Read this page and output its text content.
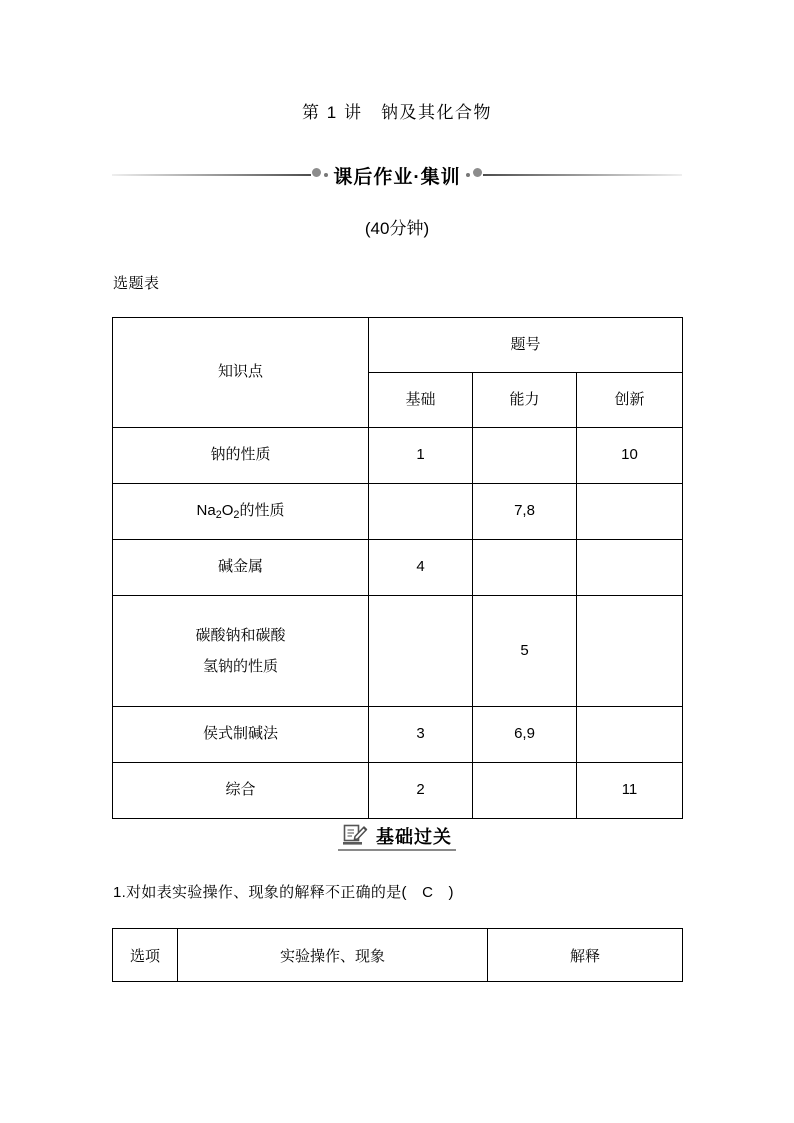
第 1 讲　钠及其化合物
课后作业·集训
(40分钟)
选题表
知识点	题号		
	基础	能力	创新
钠的性质	1		10
$Na_2O_2$的性质		7,8	
碱金属	4		

碳酸钠和碳酸
氢钠的性质		5	
侯式制碱法	3	6,9	
综合	2		11
基础过关
1.对如表实验操作、现象的解释不正确的是(　C　)
选项	实验操作、现象	解释
